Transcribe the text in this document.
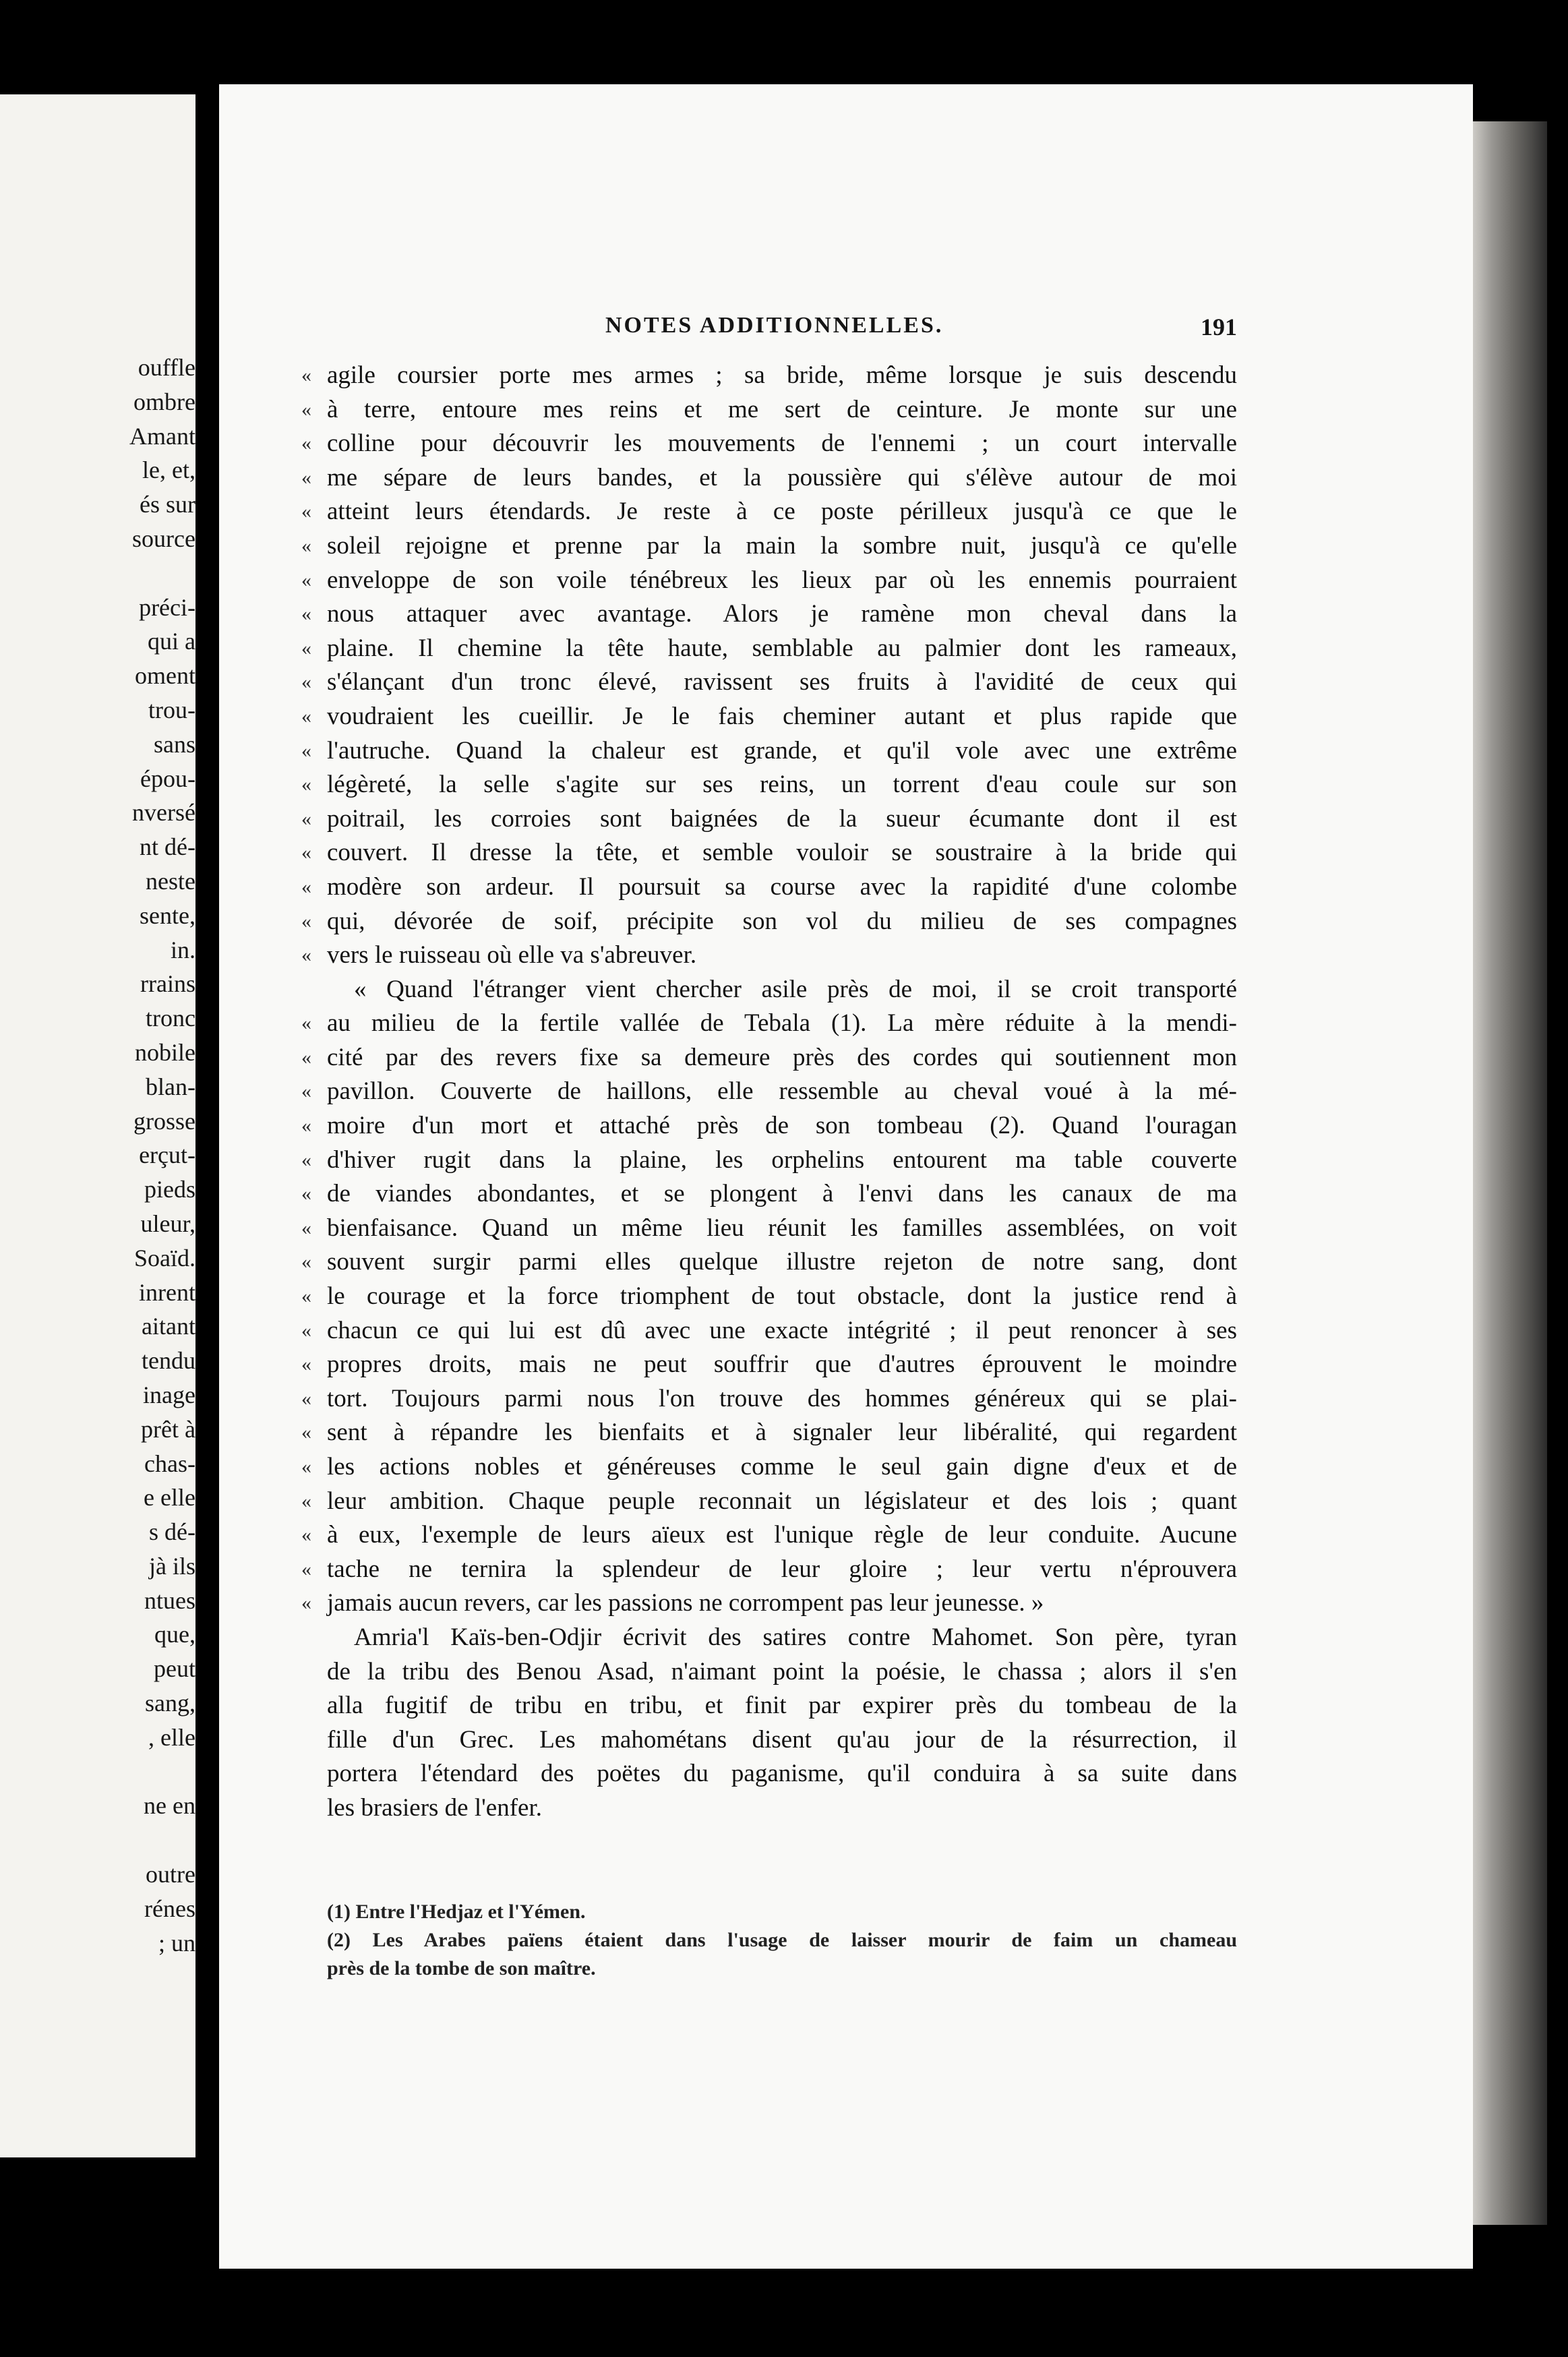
ouffle
ombre
Amant
le, et,
és sur
source

préci-
qui a
oment
trou-
sans
épou-
nversé
nt dé-
neste
sente,
in.
rrains
tronc
nobile
blan-
grosse
erçut-
pieds
uleur,
Soaïd.
inrent
aitant
tendu
inage
prêt à
chas-
e elle
s dé-
jà ils
ntues
que,
peut
sang,
, elle

ne en

outre
rénes
; un
NOTES ADDITIONNELLES.	191
« agile coursier porte mes armes ; sa bride, même lorsque je suis descendu
« à terre, entoure mes reins et me sert de ceinture. Je monte sur une
« colline pour découvrir les mouvements de l'ennemi ; un court intervalle
« me sépare de leurs bandes, et la poussière qui s'élève autour de moi
« atteint leurs étendards. Je reste à ce poste périlleux jusqu'à ce que le
« soleil rejoigne et prenne par la main la sombre nuit, jusqu'à ce qu'elle
« enveloppe de son voile ténébreux les lieux par où les ennemis pourraient
« nous attaquer avec avantage. Alors je ramène mon cheval dans la
« plaine. Il chemine la tête haute, semblable au palmier dont les rameaux,
« s'élançant d'un tronc élevé, ravissent ses fruits à l'avidité de ceux qui
« voudraient les cueillir. Je le fais cheminer autant et plus rapide que
« l'autruche. Quand la chaleur est grande, et qu'il vole avec une extrême
« légèreté, la selle s'agite sur ses reins, un torrent d'eau coule sur son
« poitrail, les corroies sont baignées de la sueur écumante dont il est
« couvert. Il dresse la tête, et semble vouloir se soustraire à la bride qui
« modère son ardeur. Il poursuit sa course avec la rapidité d'une colombe
« qui, dévorée de soif, précipite son vol du milieu de ses compagnes
« vers le ruisseau où elle va s'abreuver.
« Quand l'étranger vient chercher asile près de moi, il se croit transporté
« au milieu de la fertile vallée de Tebala (1). La mère réduite à la mendi-
« cité par des revers fixe sa demeure près des cordes qui soutiennent mon
« pavillon. Couverte de haillons, elle ressemble au cheval voué à la mé-
« moire d'un mort et attaché près de son tombeau (2). Quand l'ouragan
« d'hiver rugit dans la plaine, les orphelins entourent ma table couverte
« de viandes abondantes, et se plongent à l'envi dans les canaux de ma
« bienfaisance. Quand un même lieu réunit les familles assemblées, on voit
« souvent surgir parmi elles quelque illustre rejeton de notre sang, dont
« le courage et la force triomphent de tout obstacle, dont la justice rend à
« chacun ce qui lui est dû avec une exacte intégrité ; il peut renoncer à ses
« propres droits, mais ne peut souffrir que d'autres éprouvent le moindre
« tort. Toujours parmi nous l'on trouve des hommes généreux qui se plai-
« sent à répandre les bienfaits et à signaler leur libéralité, qui regardent
« les actions nobles et généreuses comme le seul gain digne d'eux et de
« leur ambition. Chaque peuple reconnait un législateur et des lois ; quant
« à eux, l'exemple de leurs aïeux est l'unique règle de leur conduite. Aucune
« tache ne ternira la splendeur de leur gloire ; leur vertu n'éprouvera
« jamais aucun revers, car les passions ne corrompent pas leur jeunesse. »
Amria'l Kaïs-ben-Odjir écrivit des satires contre Mahomet. Son père, tyran
de la tribu des Benou Asad, n'aimant point la poésie, le chassa ; alors il s'en
alla fugitif de tribu en tribu, et finit par expirer près du tombeau de la
fille d'un Grec. Les mahométans disent qu'au jour de la résurrection, il
portera l'étendard des poëtes du paganisme, qu'il conduira à sa suite dans
les brasiers de l'enfer.
(1) Entre l'Hedjaz et l'Yémen.
(2) Les Arabes païens étaient dans l'usage de laisser mourir de faim un chameau
près de la tombe de son maître.
